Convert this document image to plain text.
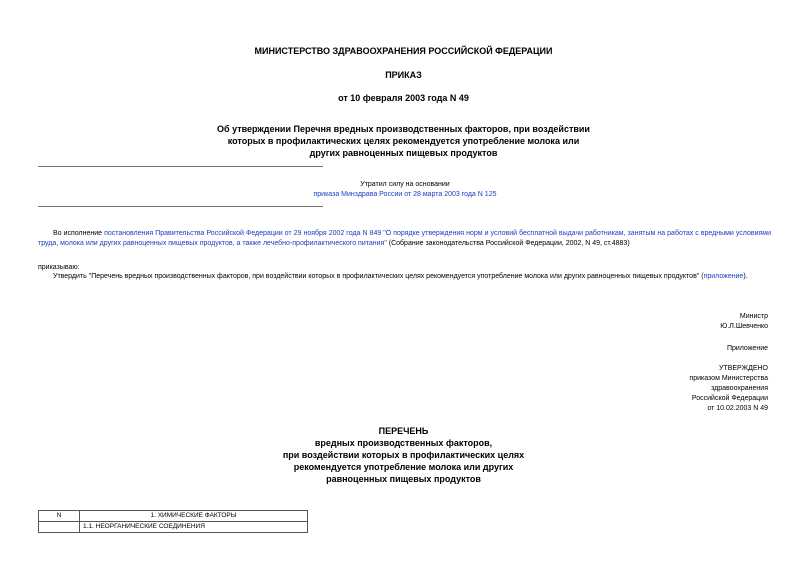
МИНИСТЕРСТВО ЗДРАВООХРАНЕНИЯ РОССИЙСКОЙ ФЕДЕРАЦИИ
ПРИКАЗ
от 10 февраля 2003 года N 49
Об утверждении Перечня вредных производственных факторов, при воздействии
которых в профилактических целях рекомендуется употребление молока или
других равноценных пищевых продуктов
Утратил силу на основании
приказа Минздрава России от 28 марта 2003 года N 125
Во исполнение постановления Правительства Российской Федерации от 29 ноября 2002 года N 849 "О порядке утверждения норм и условий бесплатной выдачи работникам, занятым на работах с вредными условиями труда, молока или других равноценных пищевых продуктов, а также лечебно-профилактического питания" (Собрание законодательства Российской Федерации, 2002, N 49, ст.4883)
приказываю:
Утвердить "Перечень вредных производственных факторов, при воздействии которых в профилактических целях рекомендуется употребление молока или других равноценных пищевых продуктов" (приложение).
Министр
Ю.Л.Шевченко
Приложение
УТВЕРЖДЕНО
приказом Министерства
здравоохранения
Российской Федерации
от 10.02.2003 N 49
ПЕРЕЧЕНЬ
вредных производственных факторов,
при воздействии которых в профилактических целях
рекомендуется употребление молока или других
равноценных пищевых продуктов
N	1. ХИМИЧЕСКИЕ ФАКТОРЫ
	1.1. НЕОРГАНИЧЕСКИЕ СОЕДИНЕНИЯ
